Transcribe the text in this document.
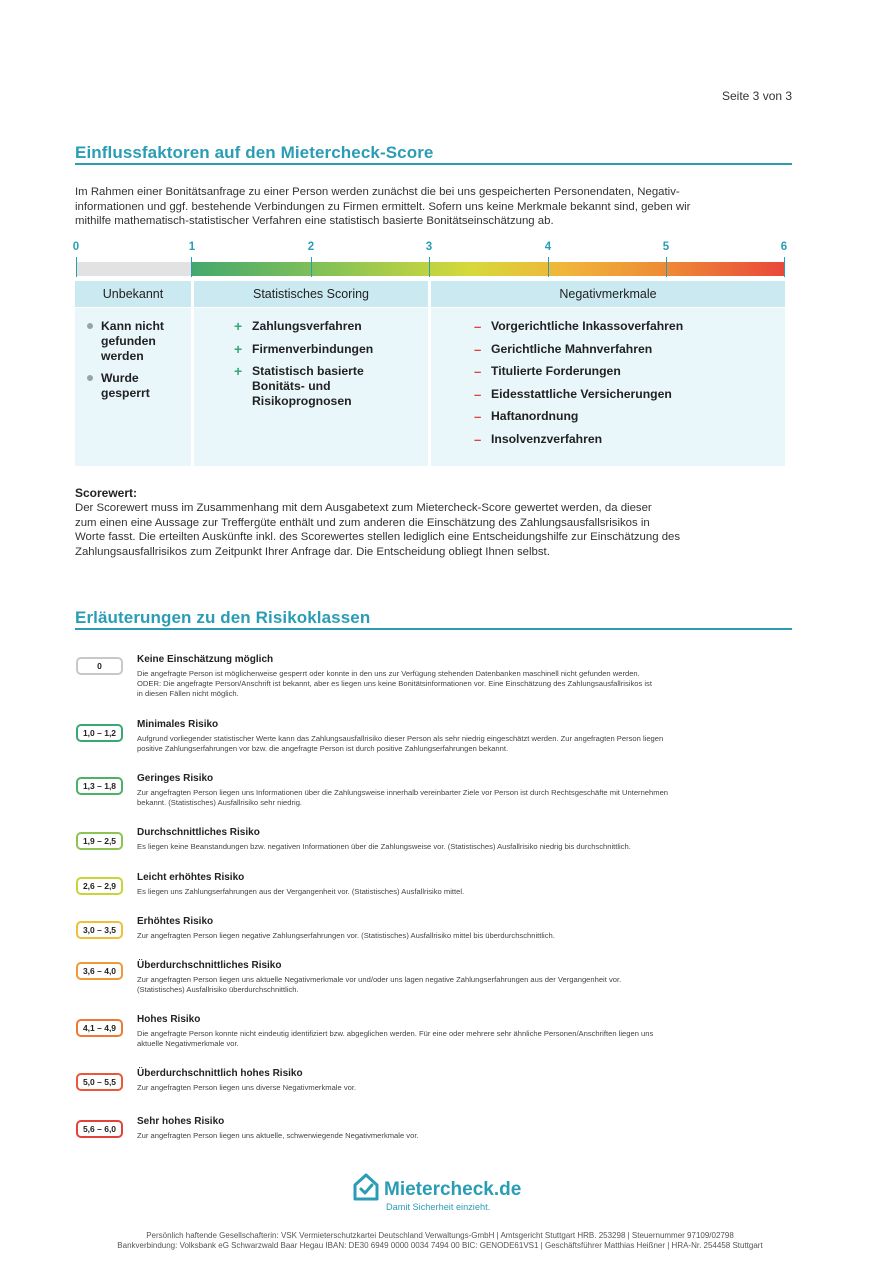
Seite 3 von 3
Einflussfaktoren auf den Mietercheck-Score
Im Rahmen einer Bonitätsanfrage zu einer Person werden zunächst die bei uns gespeicherten Personendaten, Negativ-
informationen und ggf. bestehende Verbindungen zu Firmen ermittelt. Sofern uns keine Merkmale bekannt sind, geben wir
mithilfe mathematisch-statistischer Verfahren eine statistisch basierte Bonitätseinschätzung ab.
0	1	2	3	4	5	6
Unbekannt	Statistisches Scoring	Negativmerkmale
Kann nicht gefunden werden
Wurde gesperrt
+ Zahlungsverfahren
+ Firmenverbindungen
+ Statistisch basierte Bonitäts- und Risikoprognosen
– Vorgerichtliche Inkassoverfahren
– Gerichtliche Mahnverfahren
– Titulierte Forderungen
– Eidesstattliche Versicherungen
– Haftanordnung
– Insolvenzverfahren
Scorewert:
Der Scorewert muss im Zusammenhang mit dem Ausgabetext zum Mietercheck-Score gewertet werden, da dieser
zum einen eine Aussage zur Treffergüte enthält und zum anderen die Einschätzung des Zahlungsausfallsrisikos in
Worte fasst. Die erteilten Auskünfte inkl. des Scorewertes stellen lediglich eine Entscheidungshilfe zur Einschätzung des
Zahlungsausfallrisikos zum Zeitpunkt Ihrer Anfrage dar. Die Entscheidung obliegt Ihnen selbst.
Erläuterungen zu den Risikoklassen
0
Keine Einschätzung möglich
Die angefragte Person ist möglicherweise gesperrt oder konnte in den uns zur Verfügung stehenden Datenbanken maschinell nicht gefunden werden.
ODER: Die angefragte Person/Anschrift ist bekannt, aber es liegen uns keine Bonitätsinformationen vor. Eine Einschätzung des Zahlungsausfallrisikos ist
in diesen Fällen nicht möglich.
1,0 – 1,2
Minimales Risiko
Aufgrund vorliegender statistischer Werte kann das Zahlungsausfallrisiko dieser Person als sehr niedrig eingeschätzt werden. Zur angefragten Person liegen
positive Zahlungserfahrungen vor bzw. die angefragte Person ist durch positive Zahlungserfahrungen bekannt.
1,3 – 1,8
Geringes Risiko
Zur angefragten Person liegen uns Informationen über die Zahlungsweise innerhalb vereinbarter Ziele vor Person ist durch Rechtsgeschäfte mit Unternehmen
bekannt. (Statistisches) Ausfallrisiko sehr niedrig.
1,9 – 2,5
Durchschnittliches Risiko
Es liegen keine Beanstandungen bzw. negativen Informationen über die Zahlungsweise vor. (Statistisches) Ausfallrisiko niedrig bis durchschnittlich.
2,6 – 2,9
Leicht erhöhtes Risiko
Es liegen uns Zahlungserfahrungen aus der Vergangenheit vor. (Statistisches) Ausfallrisiko mittel.
3,0 – 3,5
Erhöhtes Risiko
Zur angefragten Person liegen negative Zahlungserfahrungen vor. (Statistisches) Ausfallrisiko mittel bis überdurchschnittlich.
3,6 – 4,0	Überdurchschnittliches Risiko
Zur angefragten Person liegen uns aktuelle Negativmerkmale vor und/oder uns lagen negative Zahlungserfahrungen aus der Vergangenheit vor.
(Statistisches) Ausfallrisiko überdurchschnittlich.
4,1 – 4,9
Hohes Risiko
Die angefragte Person konnte nicht eindeutig identifiziert bzw. abgeglichen werden. Für eine oder mehrere sehr ähnliche Personen/Anschriften liegen uns
aktuelle Negativmerkmale vor.
5,0 – 5,5
Überdurchschnittlich hohes Risiko
Zur angefragten Person liegen uns diverse Negativmerkmale vor.
5,6 – 6,0
Sehr hohes Risiko
Zur angefragten Person liegen uns aktuelle, schwerwiegende Negativmerkmale vor.
Mietercheck.de
Damit Sicherheit einzieht.
Persönlich haftende Gesellschafterin: VSK Vermieterschutzkartei Deutschland Verwaltungs-GmbH | Amtsgericht Stuttgart HRB. 253298 | Steuernummer 97109/02798
Bankverbindung: Volksbank eG Schwarzwald Baar Hegau IBAN: DE30 6949 0000 0034 7494 00 BIC: GENODE61VS1 | Geschäftsführer Matthias Heißner | HRA-Nr. 254458 Stuttgart
